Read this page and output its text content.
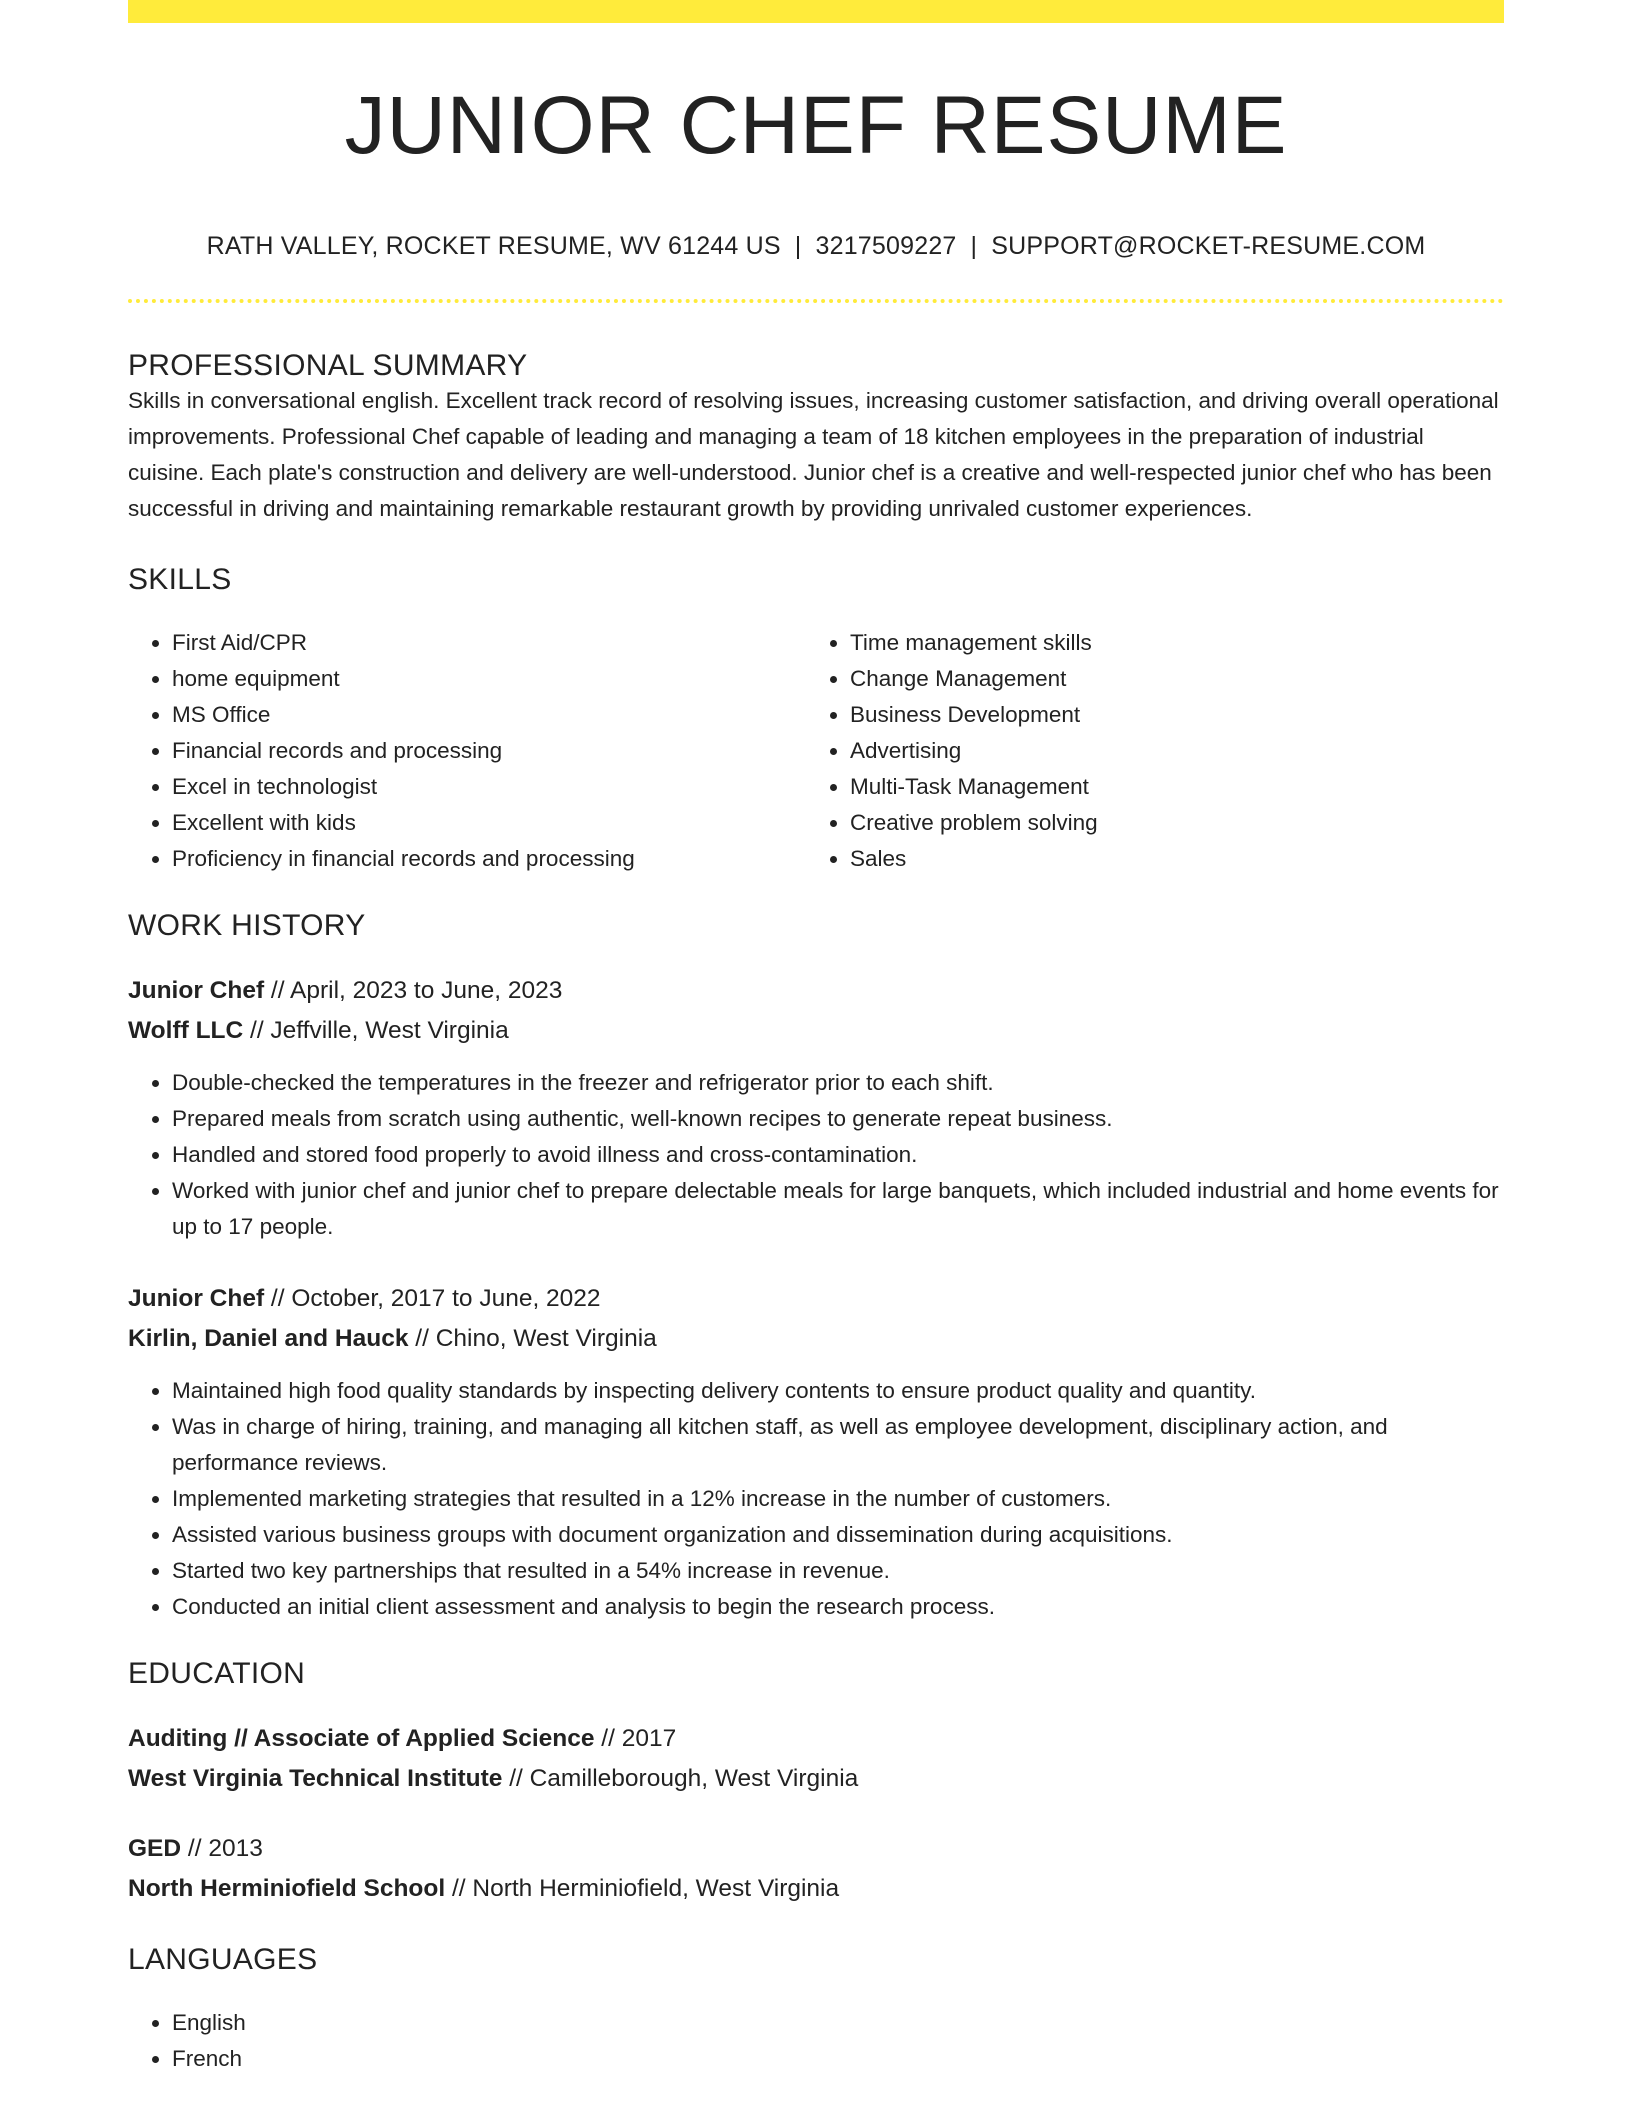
JUNIOR CHEF RESUME
RATH VALLEY, ROCKET RESUME, WV 61244 US | 3217509227 | SUPPORT@ROCKET-RESUME.COM
PROFESSIONAL SUMMARY

Skills in conversational english. Excellent track record of resolving issues, increasing customer satisfaction, and driving overall operational improvements. Professional Chef capable of leading and managing a team of 18 kitchen employees in the preparation of industrial cuisine. Each plate's construction and delivery are well-understood. Junior chef is a creative and well-respected junior chef who has been successful in driving and maintaining remarkable restaurant growth by providing unrivaled customer experiences.

SKILLS
• First Aid/CPR
• home equipment
• MS Office
• Financial records and processing
• Excel in technologist
• Excellent with kids
• Proficiency in financial records and processing
• Time management skills
• Change Management
• Business Development
• Advertising
• Multi-Task Management
• Creative problem solving
• Sales
WORK HISTORY
Junior Chef // April, 2023 to June, 2023
Wolff LLC // Jeffville, West Virginia
• Double-checked the temperatures in the freezer and refrigerator prior to each shift.
• Prepared meals from scratch using authentic, well-known recipes to generate repeat business.
• Handled and stored food properly to avoid illness and cross-contamination.
• Worked with junior chef and junior chef to prepare delectable meals for large banquets, which included industrial and home events for up to 17 people.
Junior Chef // October, 2017 to June, 2022
Kirlin, Daniel and Hauck // Chino, West Virginia
• Maintained high food quality standards by inspecting delivery contents to ensure product quality and quantity.
• Was in charge of hiring, training, and managing all kitchen staff, as well as employee development, disciplinary action, and performance reviews.
• Implemented marketing strategies that resulted in a 12% increase in the number of customers.
• Assisted various business groups with document organization and dissemination during acquisitions.
• Started two key partnerships that resulted in a 54% increase in revenue.
• Conducted an initial client assessment and analysis to begin the research process.
EDUCATION
Auditing // Associate of Applied Science // 2017
West Virginia Technical Institute // Camilleborough, West Virginia
GED // 2013
North Herminiofield School // North Herminiofield, West Virginia
LANGUAGES
• English
• French
